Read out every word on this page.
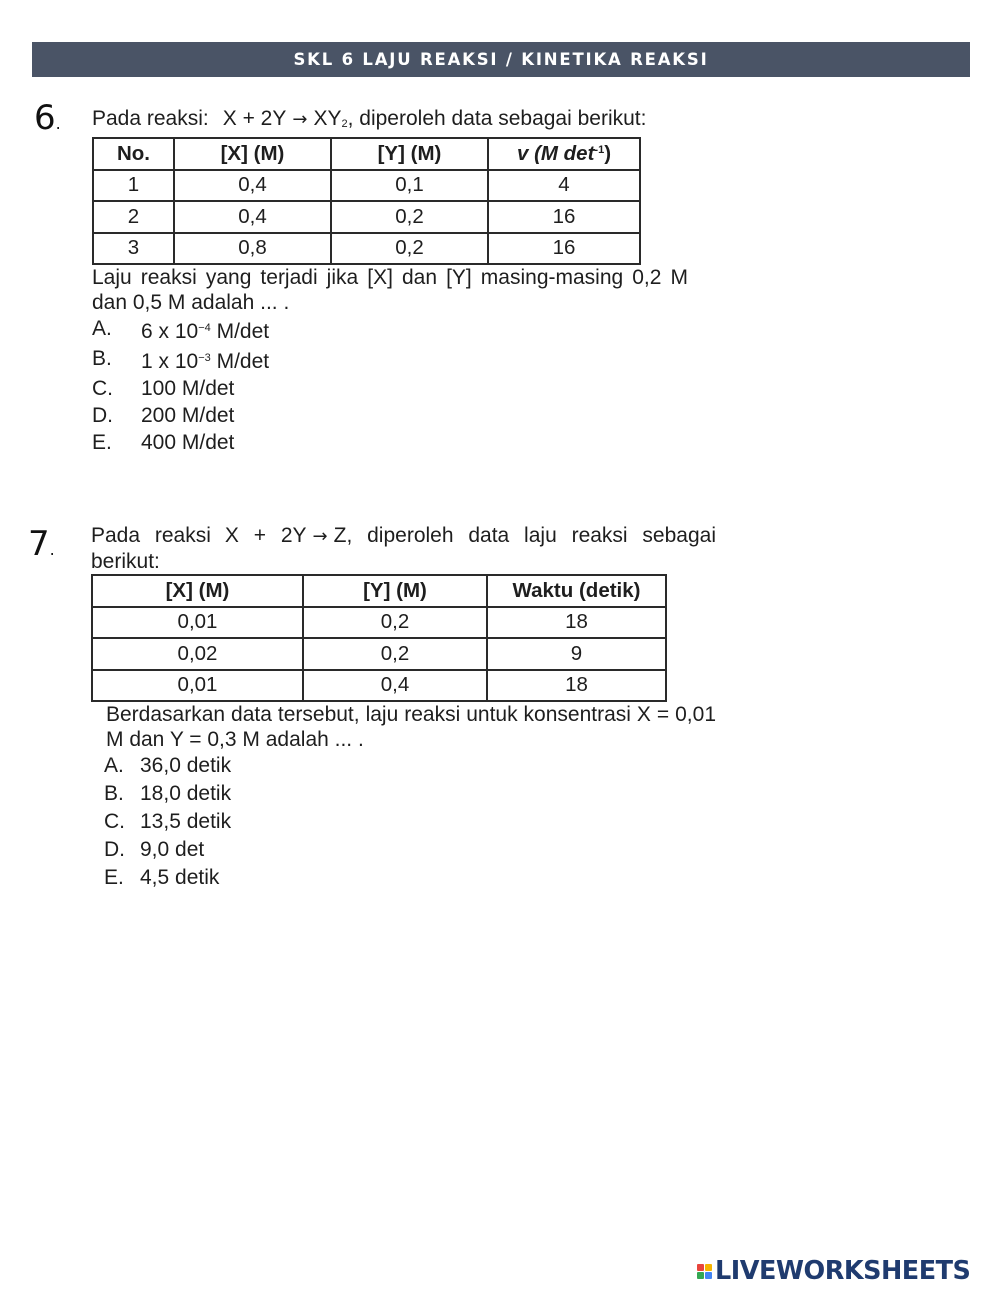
SKL 6 LAJU REAKSI / KINETIKA REAKSI
6. Pada reaksi: $X + 2Y \to XY_2$, diperoleh data sebagai berikut:

No.	[X] (M)	[Y] (M)	v (M $\det^{-1}$)
1	0,4	0,1	4
2	0,4	0,2	16
3	0,8	0,2	16

Laju reaksi yang terjadi jika [X] dan [Y] masing-masing 0,2 M dan 0,5 M adalah ... .

A.	6 x $10^{-4}$ M/det
B.	1 x $10^{-3}$ M/det
C.	100 M/det
D.	200 M/det
E.	400 M/det
7.

Pada reaksi X + 2Y → Z, diperoleh data laju reaksi sebagai berikut:

[X] (M)	[Y] (M)	Waktu (detik)
0,01	0,2	18
0,02	0,2	9
0,01	0,4	18

Berdasarkan data tersebut, laju reaksi untuk konsentrasi X = 0,01 M dan Y = 0,3 M adalah ... .

A. 36,0 detik
B. 18,0 detik
C. 13,5 detik
D. 9,0 det
E. 4,5 detik
LIVEWORKSHEETS
